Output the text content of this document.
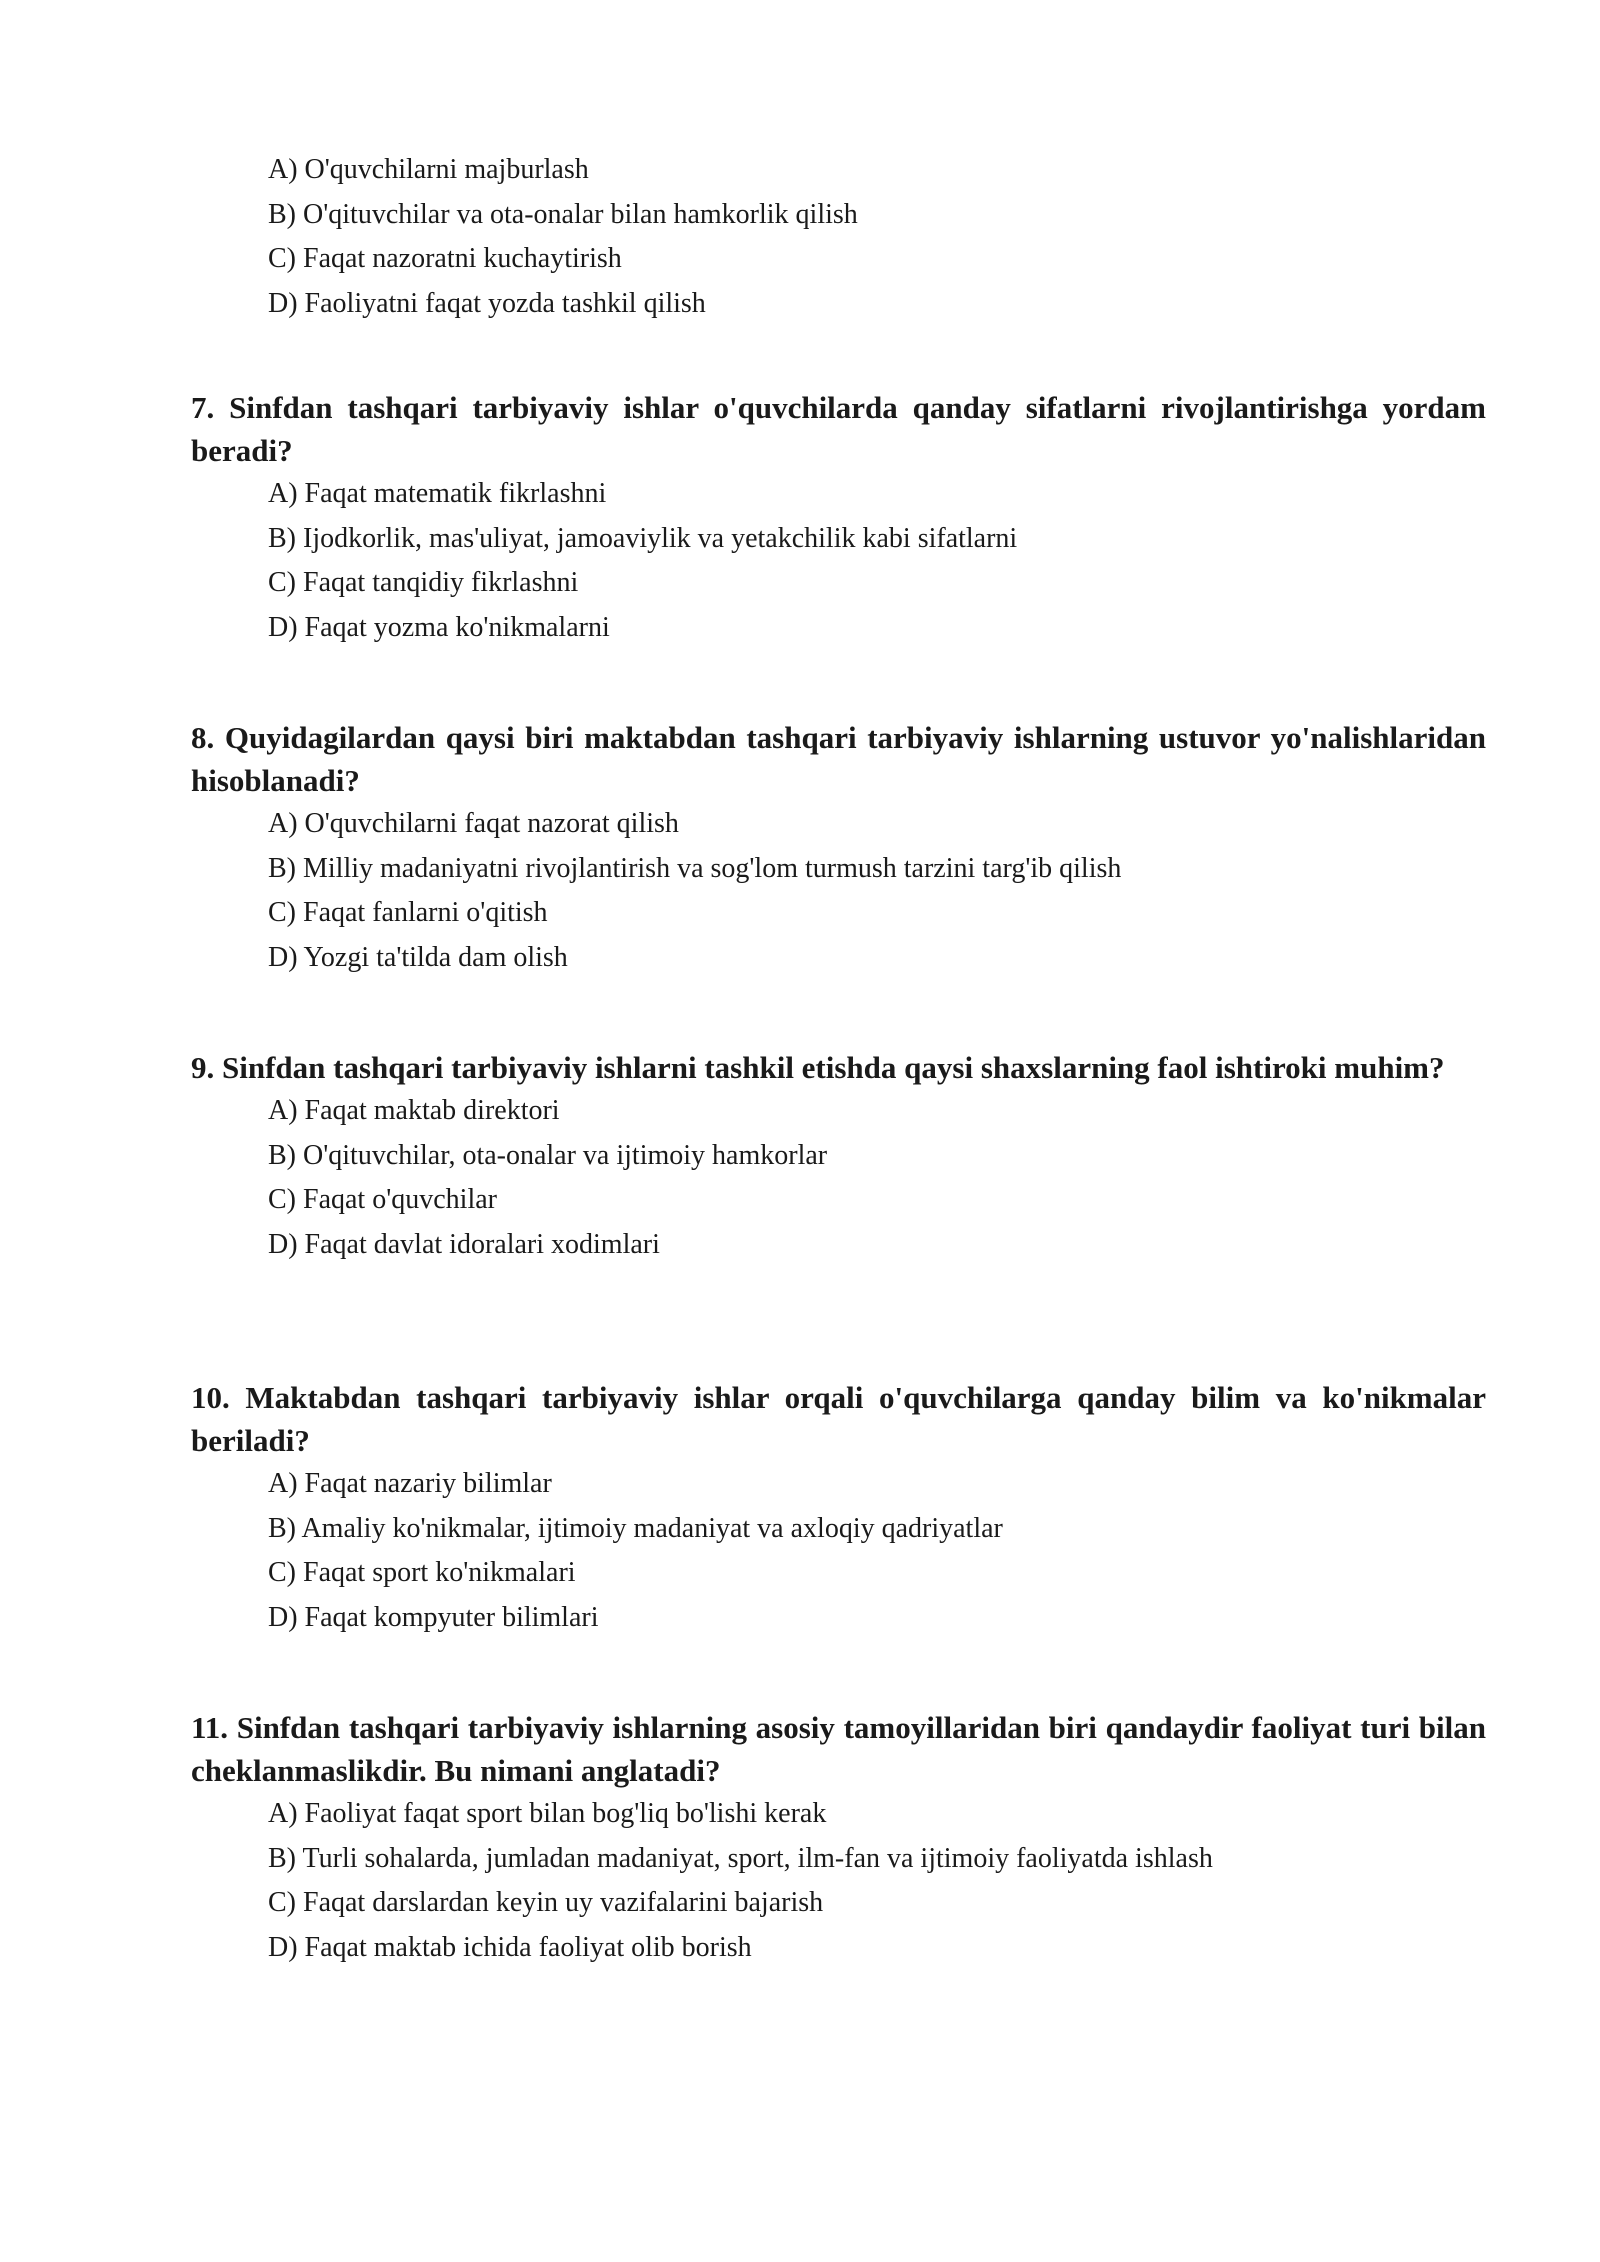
A) O'quvchilarni majburlash
B) O'qituvchilar va ota-onalar bilan hamkorlik qilish
C) Faqat nazoratni kuchaytirish
D) Faoliyatni faqat yozda tashkil qilish

7. Sinfdan tashqari tarbiyaviy ishlar o'quvchilarda qanday sifatlarni rivojlantirishga yordam beradi?

A) Faqat matematik fikrlashni
B) Ijodkorlik, mas'uliyat, jamoaviylik va yetakchilik kabi sifatlarni
C) Faqat tanqidiy fikrlashni
D) Faqat yozma ko'nikmalarni

8. Quyidagilardan qaysi biri maktabdan tashqari tarbiyaviy ishlarning ustuvor yo'nalishlaridan hisoblanadi?

A) O'quvchilarni faqat nazorat qilish
B) Milliy madaniyatni rivojlantirish va sog'lom turmush tarzini targ'ib qilish
C) Faqat fanlarni o'qitish
D) Yozgi ta'tilda dam olish

9. Sinfdan tashqari tarbiyaviy ishlarni tashkil etishda qaysi shaxslarning faol ishtiroki muhim?

A) Faqat maktab direktori
B) O'qituvchilar, ota-onalar va ijtimoiy hamkorlar
C) Faqat o'quvchilar
D) Faqat davlat idoralari xodimlari

10. Maktabdan tashqari tarbiyaviy ishlar orqali o'quvchilarga qanday bilim va ko'nikmalar beriladi?

A) Faqat nazariy bilimlar
B) Amaliy ko'nikmalar, ijtimoiy madaniyat va axloqiy qadriyatlar
C) Faqat sport ko'nikmalari
D) Faqat kompyuter bilimlari

11. Sinfdan tashqari tarbiyaviy ishlarning asosiy tamoyillaridan biri qandaydir faoliyat turi bilan cheklanmaslikdir. Bu nimani anglatadi?

A) Faoliyat faqat sport bilan bog'liq bo'lishi kerak
B) Turli sohalarda, jumladan madaniyat, sport, ilm-fan va ijtimoiy faoliyatda ishlash
C) Faqat darslardan keyin uy vazifalarini bajarish
D) Faqat maktab ichida faoliyat olib borish
